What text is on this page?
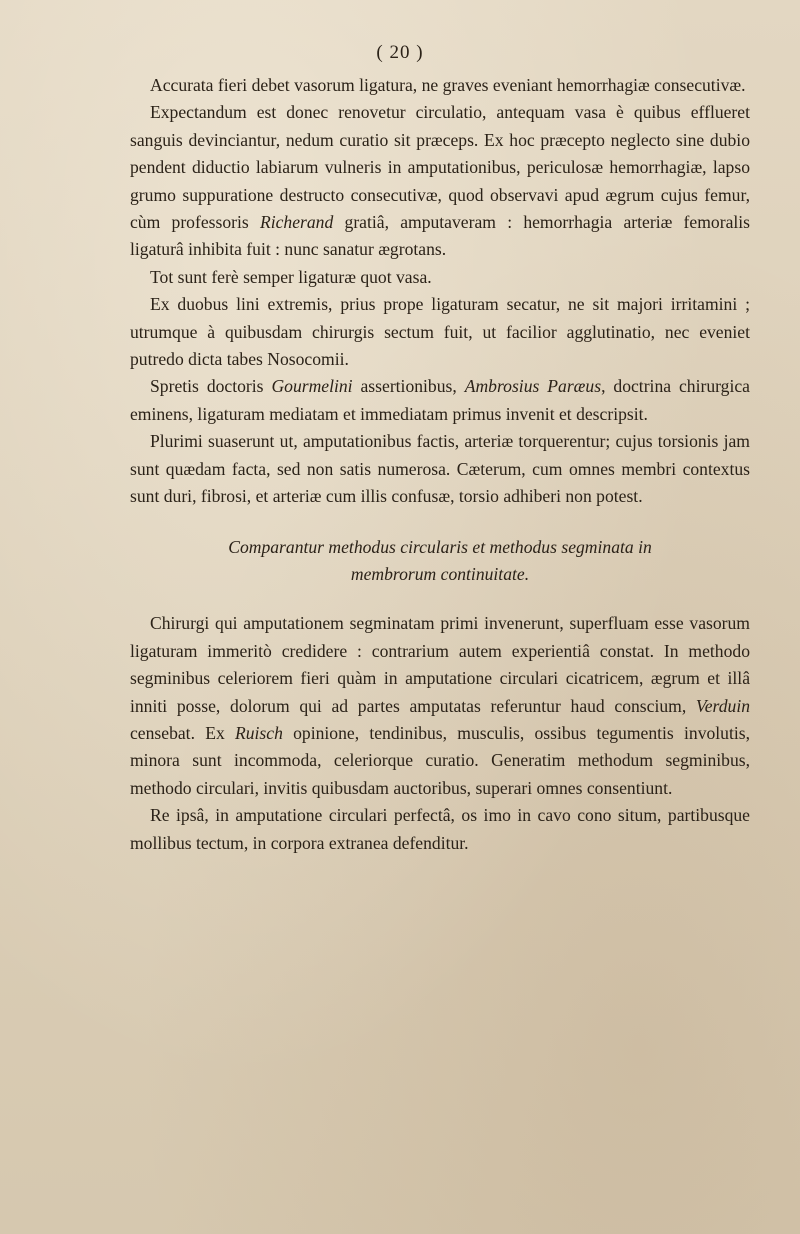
( 20 )

Accurata fieri debet vasorum ligatura, ne graves eveniant hemorrhagiæ consecutivæ.

Expectandum est donec renovetur circulatio, antequam vasa è quibus efflueret sanguis devinciantur, nedum curatio sit præceps. Ex hoc præcepto neglecto sine dubio pendent diductio labiarum vulneris in amputationibus, periculosæ hemorrhagiæ, lapso grumo suppuratione destructo consecutivæ, quod observavi apud ægrum cujus femur, cùm professoris Richerand gratiâ, amputaveram : hemorrhagia arteriæ femoralis ligaturâ inhibita fuit : nunc sanatur ægrotans.

Tot sunt ferè semper ligaturæ quot vasa.

Ex duobus lini extremis, prius prope ligaturam secatur, ne sit majori irritamini ; utrumque à quibusdam chirurgis sectum fuit, ut facilior agglutinatio, nec eveniet putredo dicta tabes Nosocomii.

Spretis doctoris Gourmelini assertionibus, Ambrosius Paræus, doctrina chirurgica eminens, ligaturam mediatam et immediatam primus invenit et descripsit.

Plurimi suaserunt ut, amputationibus factis, arteriæ torquerentur; cujus torsionis jam sunt quædam facta, sed non satis numerosa. Cæterum, cum omnes membri contextus sunt duri, fibrosi, et arteriæ cum illis confusæ, torsio adhiberi non potest.

Comparantur methodus circularis et methodus segminata in
membrorum continuitate.

Chirurgi qui amputationem segminatam primi invenerunt, superfluam esse vasorum ligaturam immeritò credidere : contrarium autem experientiâ constat. In methodo segminibus celeriorem fieri quàm in amputatione circulari cicatricem, ægrum et illâ inniti posse, dolorum qui ad partes amputatas referuntur haud conscium, Verduin censebat. Ex Ruisch opinione, tendinibus, musculis, ossibus tegumentis involutis, minora sunt incommoda, celeriorque curatio. Generatim methodum segminibus, methodo circulari, invitis quibusdam auctoribus, superari omnes consentiunt.

Re ipsâ, in amputatione circulari perfectâ, os imo in cavo cono situm, partibusque mollibus tectum, in corpora extranea defenditur.
